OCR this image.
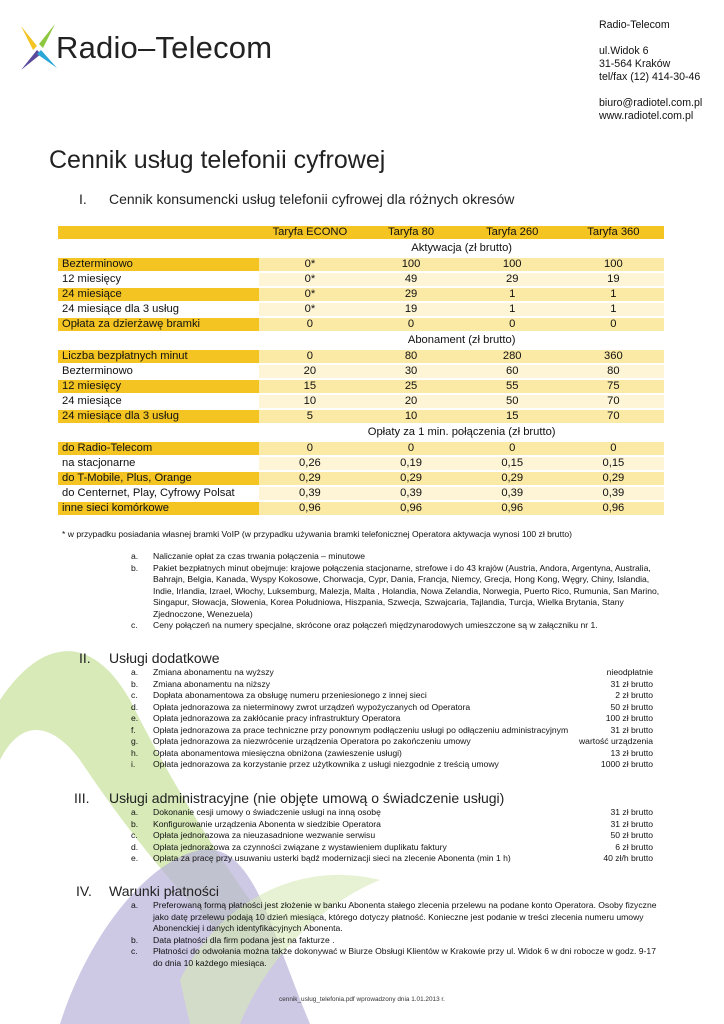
Radio–Telecom
Radio-Telecom

ul.Widok 6
31-564 Kraków
tel/fax (12) 414-30-46

biuro@radiotel.com.pl
www.radiotel.com.pl
Cennik usług telefonii cyfrowej
I. Cennik konsumencki usług telefonii cyfrowej dla różnych okresów
	Taryfa ECONO	Taryfa 80	Taryfa 260	Taryfa 360
	Aktywacja (zł brutto)			
Bezterminowo	0*	100	100	100
12 miesięcy	0*	49	29	19
24 miesiące	0*	29	1	1
24 miesiące dla 3 usług	0*	19	1	1
Opłata za dzierżawę bramki	0	0	0	0
	Abonament (zł brutto)			
Liczba bezpłatnych minut	0	80	280	360
Bezterminowo	20	30	60	80
12 miesięcy	15	25	55	75
24 miesiące	10	20	50	70
24 miesiące dla 3 usług	5	10	15	70
	Opłaty za 1 min. połączenia (zł brutto)			
do Radio-Telecom	0	0	0	0
na stacjonarne	0,26	0,19	0,15	0,15
do T-Mobile, Plus, Orange	0,29	0,29	0,29	0,29
do Centernet, Play, Cyfrowy Polsat	0,39	0,39	0,39	0,39
inne sieci komórkowe	0,96	0,96	0,96	0,96
* w przypadku posiadania własnej bramki VoIP (w przypadku używania bramki telefonicznej Operatora aktywacja wynosi 100 zł brutto)
a. Naliczanie opłat za czas trwania połączenia – minutowe
b. Pakiet bezpłatnych minut obejmuje: krajowe połączenia stacjonarne, strefowe i do 43 krajów (Austria, Andora, Argentyna, Australia, Bahrajn, Belgia, Kanada, Wyspy Kokosowe, Chorwacja, Cypr, Dania, Francja, Niemcy, Grecja, Hong Kong, Węgry, Chiny, Islandia, Indie, Irlandia, Izrael, Włochy, Luksemburg, Malezja, Malta , Holandia, Nowa Zelandia, Norwegia, Puerto Rico, Rumunia, San Marino, Singapur, Słowacja, Słowenia, Korea Południowa, Hiszpania, Szwecja, Szwajcaria, Tajlandia, Turcja, Wielka Brytania, Stany Zjednoczone, Wenezuela)
c. Ceny połączeń na numery specjalne, skrócone oraz połączeń międzynarodowych umieszczone są w załączniku nr 1.
II. Usługi dodatkowe
a. Zmiana abonamentu na wyższy	nieodpłatnie
b. Zmiana abonamentu na niższy	31 zł brutto
c. Dopłata abonamentowa za obsługę numeru przeniesionego z innej sieci	2 zł brutto
d. Opłata jednorazowa za nieterminowy zwrot urządzeń wypożyczanych od Operatora	50 zł brutto
e. Opłata jednorazowa za zakłócanie pracy infrastruktury Operatora	100 zł brutto
f. Opłata jednorazowa za prace techniczne przy ponownym podłączeniu usługi po odłączeniu administracyjnym	31 zł brutto
g. Opłata jednorazowa za niezwrócenie urządzenia Operatora po zakończeniu umowy	wartość urządzenia
h. Opłata abonamentowa miesięczna obniżona (zawieszenie usługi)	13 zł brutto
i. Opłata jednorazowa za korzystanie przez użytkownika z usługi niezgodnie z treścią umowy	1000 zł brutto
III. Usługi administracyjne (nie objęte umową o świadczenie usługi)
a. Dokonanie cesji umowy o świadczenie usługi na inną osobę	31 zł brutto
b. Konfigurowanie urządzenia Abonenta w siedzibie Operatora	31 zł brutto
c. Opłata jednorazowa za nieuzasadnione wezwanie serwisu	50 zł brutto
d. Opłata jednorazowa za czynności związane z wystawieniem duplikatu faktury	6 zł brutto
e. Opłata za pracę przy usuwaniu usterki bądź modernizacji sieci na zlecenie Abonenta (min 1 h)	40 zł/h brutto
IV. Warunki płatności
a. Preferowaną formą płatności jest złożenie w banku Abonenta stałego zlecenia przelewu na podane konto Operatora. Osoby fizyczne jako datę przelewu podają 10 dzień miesiąca, którego dotyczy płatność. Konieczne jest podanie w treści zlecenia numeru umowy Abonenckiej i danych identyfikacyjnych Abonenta.
b. Data płatności dla firm podana jest na fakturze .
c. Płatności do odwołania można także dokonywać w Biurze Obsługi Klientów w Krakowie przy ul. Widok 6 w dni robocze w godz. 9-17 do dnia 10 każdego miesiąca.
cennik_uslug_telefonia.pdf wprowadzony dnia 1.01.2013 r.
